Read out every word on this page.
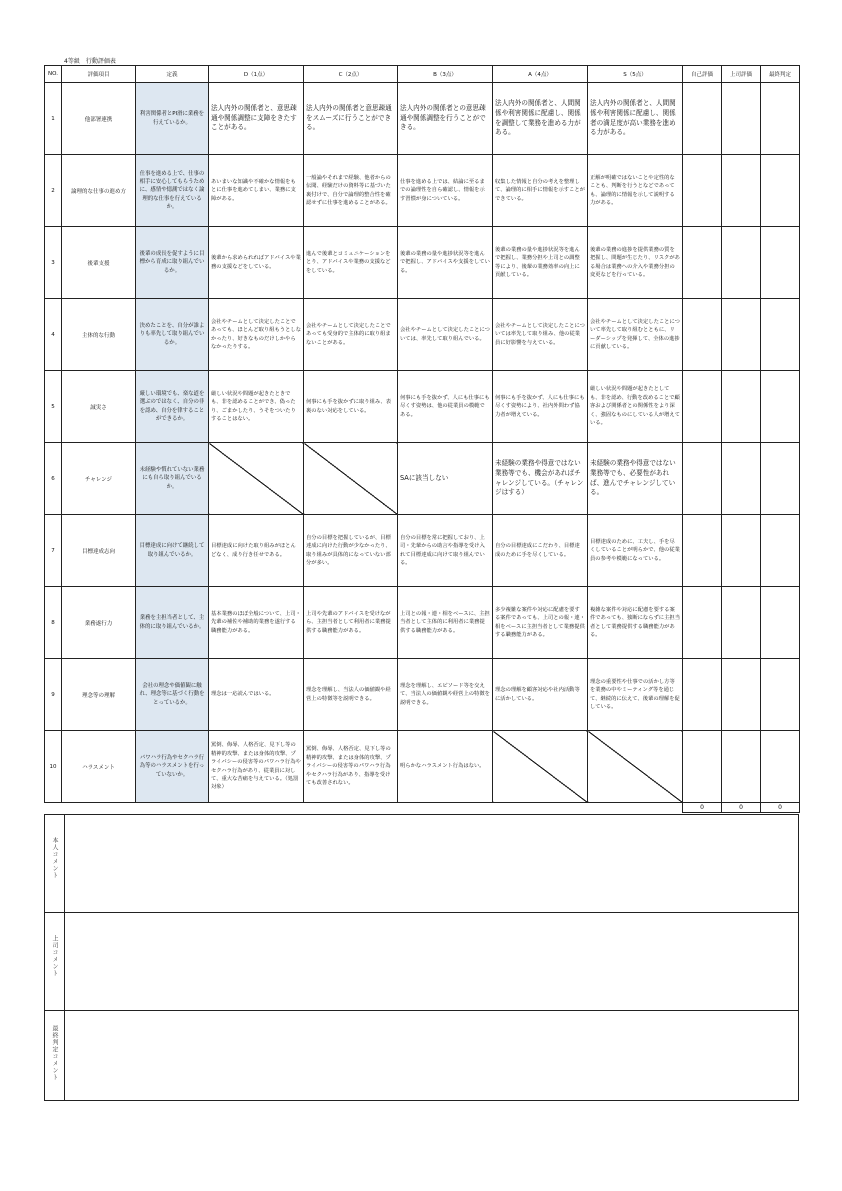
4等級　行動評価表
NO.	評価項目	定義	D（1点）	C（2点）	B（3点）	A（4点）	S（5点）	自己評価	上司評価	最終判定
1	他部署連携	利害関係者とPI滑に業務を行えているか。	法人内外の関係者と、意思疎通や関係調整に支障をきたすことがある。	法人内外の関係者と意思疎通をスムーズに行うことができる。	法人内外の関係者との意思疎通や関係調整を行うことができる。	法人内外の関係者と、人間関係や利害関係に配慮し、関係を調整して業務を進める力がある。	法人内外の関係者と、人間関係や利害関係に配慮し、関係者の満足度が高い業務を進める力がある。			
2	論理的な仕事の進め方	仕事を進める上で、仕事の相手に安心してもらうために、感情や憶測ではなく論理的な仕事を行えているか。	あいまいな知識や不確かな情報をもとに仕事を進めてしまい、業務に支障がある。	一般論やそれまで経験、他者からの伝聞、経験だけの資料等に基づいた裏付けで、自分で論理的整合性を確認せずに仕事を進めることがある。	仕事を進める上では、結論に至るまでの論理性を自ら確認し、情報を示す習慣が身についている。	収集した情報と自分の考えを整理して、論理的に相手に情報を示すことができている。	正解が明確ではないことや定性的なことも、判断を行うとなどであっても、論理的に情報を示して説明する力がある。			
3	後輩支援	後輩の成長を促すように目標から育成に取り組んでいるか。	後輩から求められればアドバイスや業務の支援などをしている。	進んで後輩とコミュニケーションをとり、アドバイスや業務の支援などをしている。	後輩の業務の量や進捗状況等を進んで把握し、アドバイスや支援をしている。	後輩の業務の量や進捗状況等を進んで把握し、業務分担や上司との調整等により、後輩の業務効率の向上に貢献している。	後輩の業務の進捗を提供業務の質を把握し、問題が生じたり、リスクがある場合は業務への介入や業務分担の変更などを行っている。			
4	主体的な行動	決めたことを、自分が誰よりも率先して取り組んでいるか。	会社やチームとして決定したことであっても、ほとんど取り組もうとしなかったり、好きなものだけしかやらなかったりする。	会社やチームとして決定したことであっても受身的で主体的に取り組まないことがある。	会社やチームとして決定したことについては、率先して取り組んでいる。	会社やチームとして決定したことについては率先して取り組み、他の従業員に好影響を与えている。	会社やチームとして決定したことについて率先して取り組むとともに、リーダーシップを発揮して、全体の進捗に貢献している。			
5	誠実さ	厳しい環境でも、楽な道を選ぶのではなく、自分の非を認め、自分を律することができるか。	厳しい状況や問題が起きたときでも、非を認めることができ、偽ったり、ごまかしたり、うそをついたりすることはない。	何事にも手を抜かずに取り組み、表裏のない対応をしている。	何事にも手を抜かず、人にも仕事にも尽くす姿勢は、他の従業員の模範である。	何事にも手を抜かず、人にも仕事にも尽くす姿勢により、社内外問わず協力者が増えている。	厳しい状況や問題が起きたとしても、非を認め、行動を改めることで顧客および関係者との関係性をより深く、強固なものにしている人が増えている。			
6	チャレンジ	未経験や慣れていない業務にも自ら取り組んでいるか。			SAに該当しない	未経験の業務や得意ではない業務等でも、機会があればチャレンジしている。（チャレンジはする）	未経験の業務や得意ではない業務等でも、必要性があれば、進んでチャレンジしている。			
7	目標達成志向	目標達成に向けて継続して取り組んでいるか。	目標達成に向けた取り組みがほとんどなく、成り行き任せである。	自分の目標を把握しているが、目標達成に向けた行動が少なかったり、取り組みが具体的になっていない部分が多い。	自分の目標を常に把握しており、上司・先輩からの助言や指導を受け入れて目標達成に向けて取り組んでいる。	自分の目標達成にこだわり、目標達成のために手を尽くしている。	目標達成のために、工夫し、手を尽くしていることが明らかで、他の従業員の参考や模範になっている。			
8	業務遂行力	業務を主担当者として、主体的に取り組んでいるか。	基本業務のほぼ全般について、上司・先輩の補佐や補助的業務を遂行する職務能力がある。	上司や先輩のアドバイスを受けながら、主担当者として利用者に業務提供する職務能力がある。	上司との報・連・相をベースに、主担当者として主体的に利用者に業務提供する職務能力がある。	多少複雑な案件や対応に配慮を要する案件であっても、上司との報・連・相をベースに主担当者として業務提供する職務能力がある。	複雑な案件や対応に配慮を要する案件であっても、独断にならずに主担当者として業務提供する職務能力がある。			
9	理念等の理解	会社の理念や価値観に触れ、理念等に基づく行動をとっているか。	理念は一応読んではいる。	理念を理解し、当法人の価値観や経営上の特徴等を説明できる。	理念を理解し、エピソード等を交えて、当法人の価値観や経営上の特徴を説明できる。	理念の理解を顧客対応や社内活動等に活かしている。	理念の重要性や仕事での活かし方等を業務の中やミーティング等を通じて、継続的に伝えて、後輩の理解を促している。			
10	ハラスメント	パワハラ行為やセクハラ行為等のハラスメントを行っていないか。	罵倒、侮辱、人格否定、見下し等の精神的攻撃、または身体的攻撃、プライバシーの侵害等のパワハラ行為やセクハラ行為があり、従業員に対して、重大な苦痛を与えている。（処罰対象）	罵倒、侮辱、人格否定、見下し等の精神的攻撃、または身体的攻撃、プライバシーの侵害等のパワハラ行為やセクハラ行為があり、指導を受けても改善されない。	明らかなハラスメント行為はない。					
								0	0	0
本人コメント	
上司コメント	
最終判定コメント	
